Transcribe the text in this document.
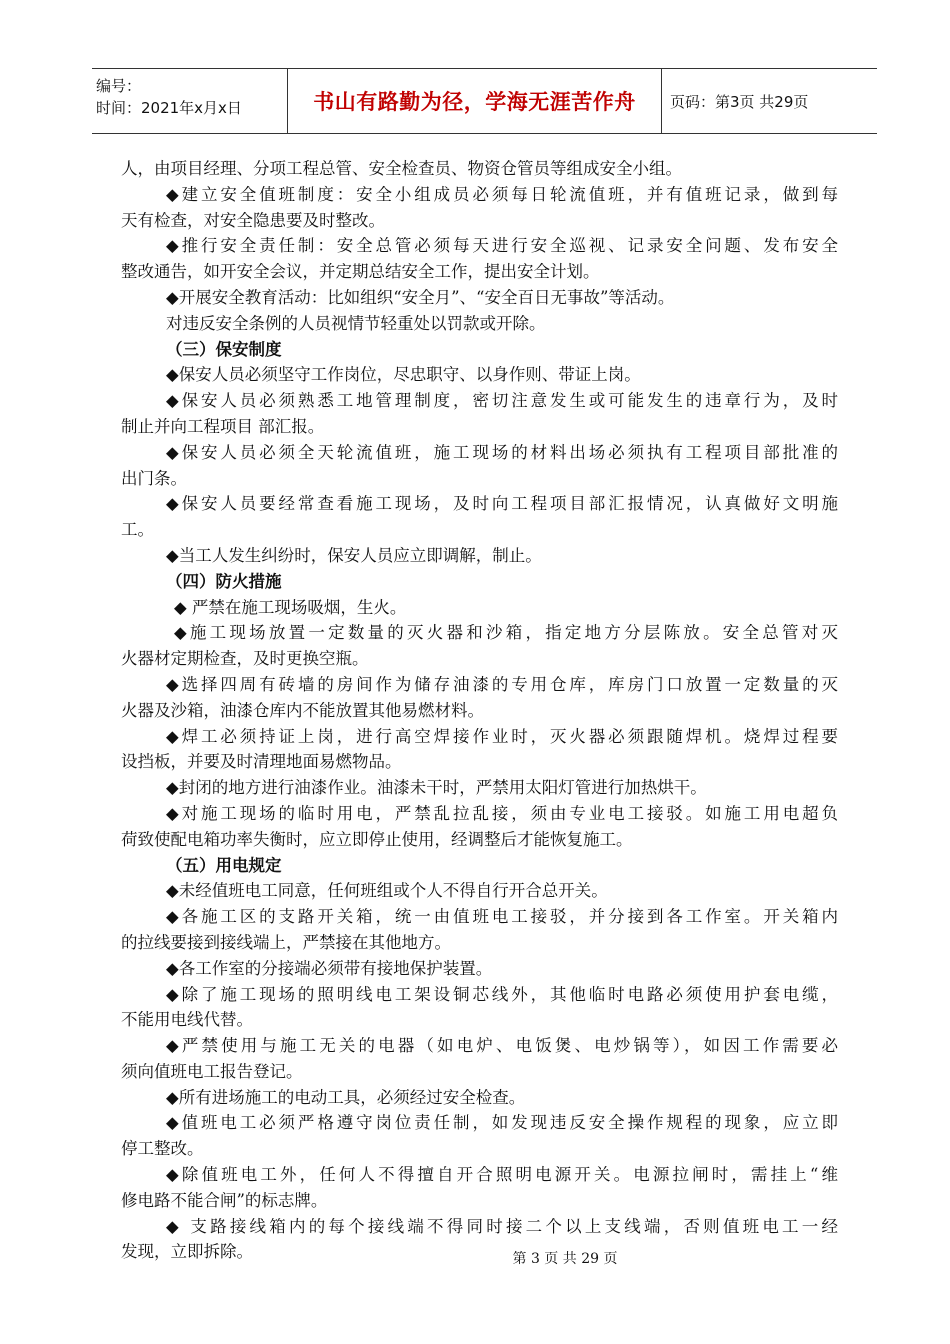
编号：
时间：2021年x月x日	书山有路勤为径，学海无涯苦作舟	页码：第3页 共29页
人，由项目经理、分项工程总管、安全检查员、物资仓管员等组成安全小组。
◆建立安全值班制度：安全小组成员必须每日轮流值班，并有值班记录，做到每
天有检查，对安全隐患要及时整改。
◆推行安全责任制：安全总管必须每天进行安全巡视、记录安全问题、发布安全
整改通告，如开安全会议，并定期总结安全工作，提出安全计划。
◆开展安全教育活动：比如组织“安全月”、“安全百日无事故”等活动。
对违反安全条例的人员视情节轻重处以罚款或开除。
（三）保安制度
◆保安人员必须坚守工作岗位，尽忠职守、以身作则、带证上岗。
◆保安人员必须熟悉工地管理制度，密切注意发生或可能发生的违章行为，及时
制止并向工程项目 部汇报。
◆保安人员必须全天轮流值班，施工现场的材料出场必须执有工程项目部批准的
出门条。
◆保安人员要经常查看施工现场，及时向工程项目部汇报情况，认真做好文明施
工。
◆当工人发生纠纷时，保安人员应立即调解，制止。
（四）防火措施
◆ 严禁在施工现场吸烟，生火。
◆施工现场放置一定数量的灭火器和沙箱，指定地方分层陈放。安全总管对灭
火器材定期检查，及时更换空瓶。
◆选择四周有砖墙的房间作为储存油漆的专用仓库，库房门口放置一定数量的灭
火器及沙箱，油漆仓库内不能放置其他易燃材料。
◆焊工必须持证上岗，进行高空焊接作业时，灭火器必须跟随焊机。烧焊过程要
设挡板，并要及时清理地面易燃物品。
◆封闭的地方进行油漆作业。油漆未干时，严禁用太阳灯管进行加热烘干。
◆对施工现场的临时用电，严禁乱拉乱接，须由专业电工接驳。如施工用电超负
荷致使配电箱功率失衡时，应立即停止使用，经调整后才能恢复施工。
（五）用电规定
◆未经值班电工同意，任何班组或个人不得自行开合总开关。
◆各施工区的支路开关箱，统一由值班电工接驳，并分接到各工作室。开关箱内
的拉线要接到接线端上，严禁接在其他地方。
◆各工作室的分接端必须带有接地保护装置。
◆除了施工现场的照明线电工架设铜芯线外，其他临时电路必须使用护套电缆，
不能用电线代替。
◆严禁使用与施工无关的电器（如电炉、电饭煲、电炒锅等），如因工作需要必
须向值班电工报告登记。
◆所有进场施工的电动工具，必须经过安全检查。
◆值班电工必须严格遵守岗位责任制，如发现违反安全操作规程的现象，应立即
停工整改。
◆除值班电工外，任何人不得擅自开合照明电源开关。电源拉闸时，需挂上“维
修电路不能合闸”的标志牌。
◆ 支路接线箱内的每个接线端不得同时接二个以上支线端，否则值班电工一经
发现，立即拆除。	第 3 页 共 29 页
